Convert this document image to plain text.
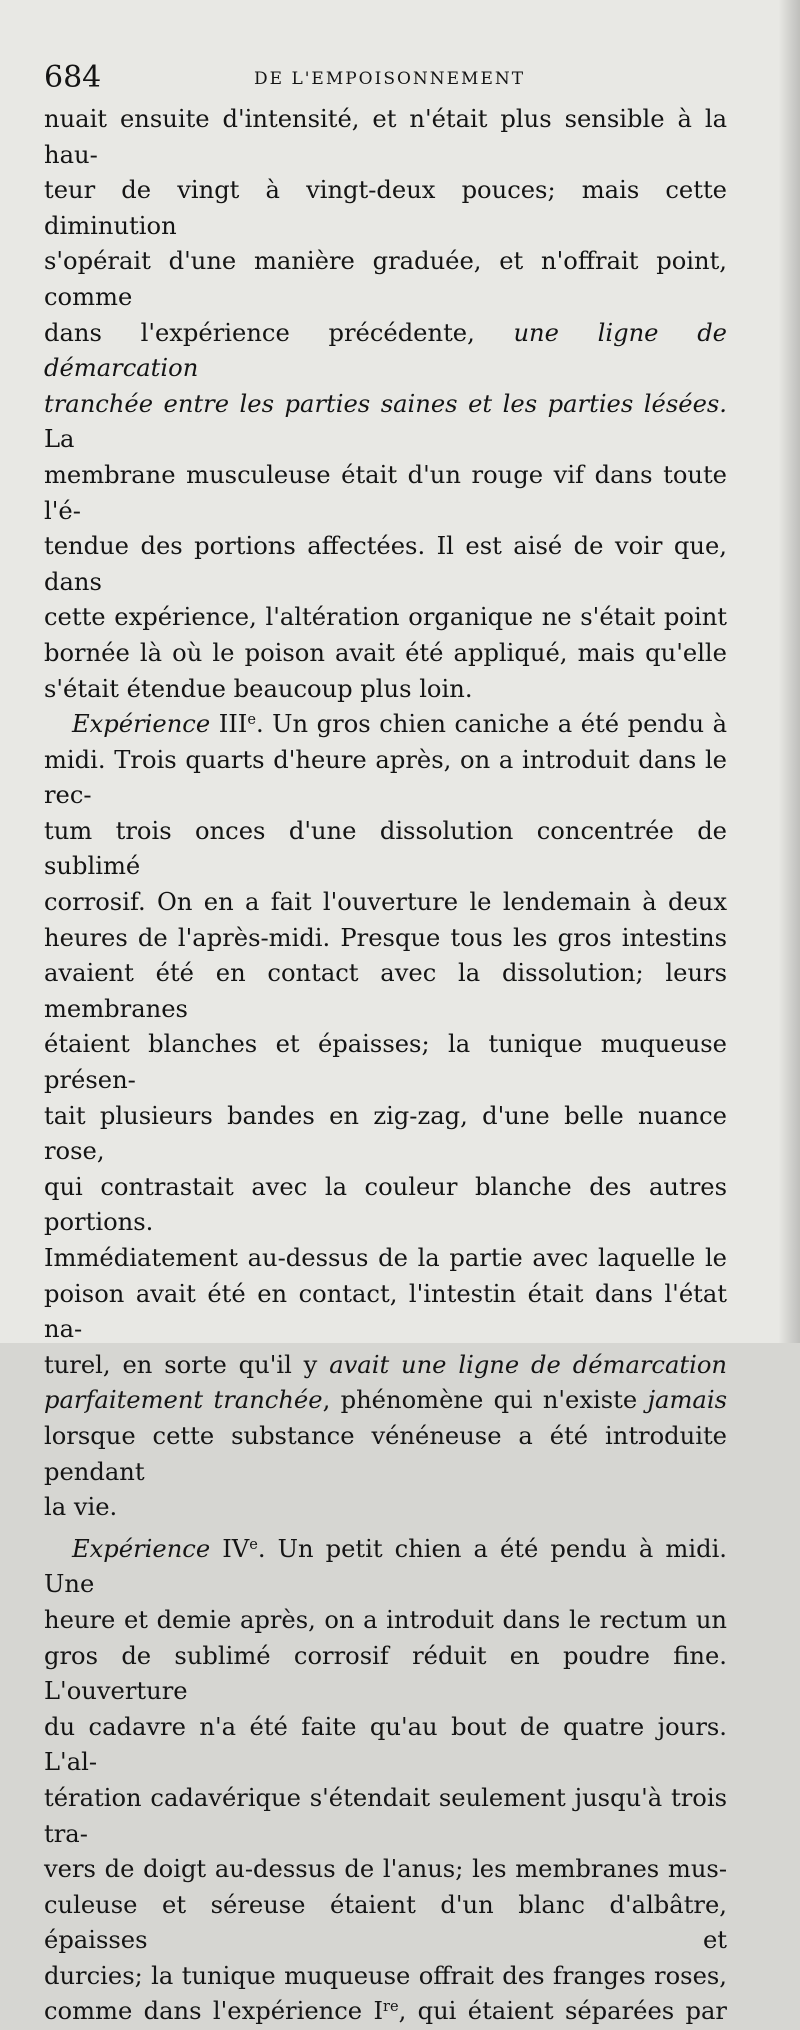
684	DE L'EMPOISONNEMENT

nuait ensuite d'intensité, et n'était plus sensible à la hau-

teur de vingt à vingt-deux pouces; mais cette diminution

s'opérait d'une manière graduée, et n'offrait point, comme

dans l'expérience précédente, une ligne de démarcation

tranchée entre les parties saines et les parties lésées. La

membrane musculeuse était d'un rouge vif dans toute l'é-

tendue des portions affectées. Il est aisé de voir que, dans

cette expérience, l'altération organique ne s'était point

bornée là où le poison avait été appliqué, mais qu'elle

s'était étendue beaucoup plus loin.

Expérience IIIe. Un gros chien caniche a été pendu à

midi. Trois quarts d'heure après, on a introduit dans le rec-

tum trois onces d'une dissolution concentrée de sublimé

corrosif. On en a fait l'ouverture le lendemain à deux

heures de l'après-midi. Presque tous les gros intestins

avaient été en contact avec la dissolution; leurs membranes

étaient blanches et épaisses; la tunique muqueuse présen-

tait plusieurs bandes en zig-zag, d'une belle nuance rose,

qui contrastait avec la couleur blanche des autres portions.

Immédiatement au-dessus de la partie avec laquelle le

poison avait été en contact, l'intestin était dans l'état na-

turel, en sorte qu'il y avait une ligne de démarcation

parfaitement tranchée, phénomène qui n'existe jamais

lorsque cette substance vénéneuse a été introduite pendant

la vie.

Expérience IVe. Un petit chien a été pendu à midi. Une

heure et demie après, on a introduit dans le rectum un

gros de sublimé corrosif réduit en poudre fine. L'ouverture

du cadavre n'a été faite qu'au bout de quatre jours. L'al-

tération cadavérique s'étendait seulement jusqu'à trois tra-

vers de doigt au-dessus de l'anus; les membranes mus-

culeuse et séreuse étaient d'un blanc d'albâtre, épaisses et

durcies; la tunique muqueuse offrait des franges roses,

comme dans l'expérience Ire, qui étaient séparées par
